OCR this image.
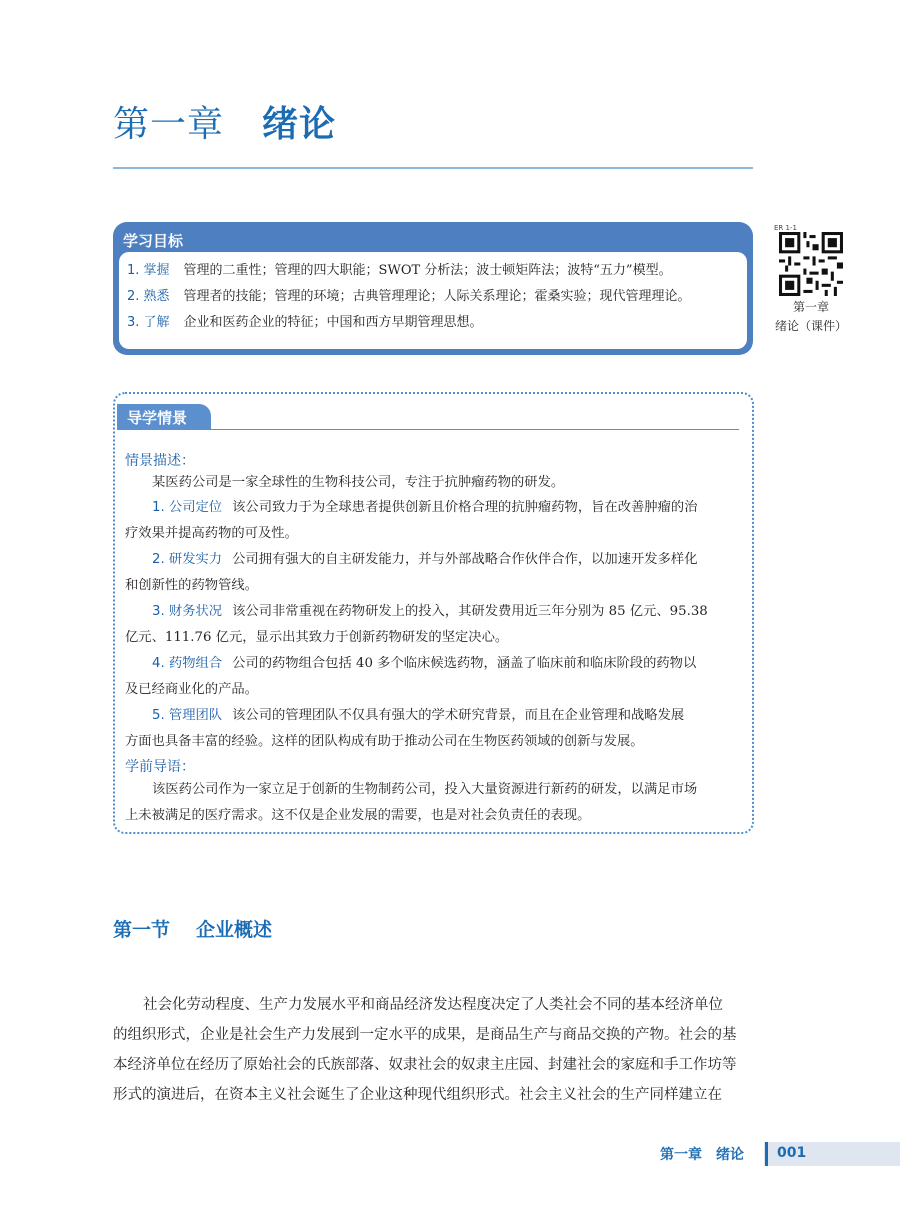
第一章 绪论
学习目标
1. 掌握 管理的二重性；管理的四大职能；SWOT 分析法；波士顿矩阵法；波特“五力”模型。
2. 熟悉 管理者的技能；管理的环境；古典管理理论；人际关系理论；霍桑实验；现代管理理论。
3. 了解 企业和医药企业的特征；中国和西方早期管理思想。
ER 1-1
第一章
绪论（课件）
导学情景
情景描述：
某医药公司是一家全球性的生物科技公司，专注于抗肿瘤药物的研发。
1. 公司定位 该公司致力于为全球患者提供创新且价格合理的抗肿瘤药物，旨在改善肿瘤的治
疗效果并提高药物的可及性。
2. 研发实力 公司拥有强大的自主研发能力，并与外部战略合作伙伴合作，以加速开发多样化
和创新性的药物管线。
3. 财务状况 该公司非常重视在药物研发上的投入，其研发费用近三年分别为 85 亿元、95.38
亿元、111.76 亿元，显示出其致力于创新药物研发的坚定决心。
4. 药物组合 公司的药物组合包括 40 多个临床候选药物，涵盖了临床前和临床阶段的药物以
及已经商业化的产品。
5. 管理团队 该公司的管理团队不仅具有强大的学术研究背景，而且在企业管理和战略发展
方面也具备丰富的经验。这样的团队构成有助于推动公司在生物医药领域的创新与发展。
学前导语：
该医药公司作为一家立足于创新的生物制药公司，投入大量资源进行新药的研发，以满足市场
上未被满足的医疗需求。这不仅是企业发展的需要，也是对社会负责任的表现。
第一节 企业概述
社会化劳动程度、生产力发展水平和商品经济发达程度决定了人类社会不同的基本经济单位
的组织形式，企业是社会生产力发展到一定水平的成果，是商品生产与商品交换的产物。社会的基
本经济单位在经历了原始社会的氏族部落、奴隶社会的奴隶主庄园、封建社会的家庭和手工作坊等
形式的演进后，在资本主义社会诞生了企业这种现代组织形式。社会主义社会的生产同样建立在
第一章 绪论 001
